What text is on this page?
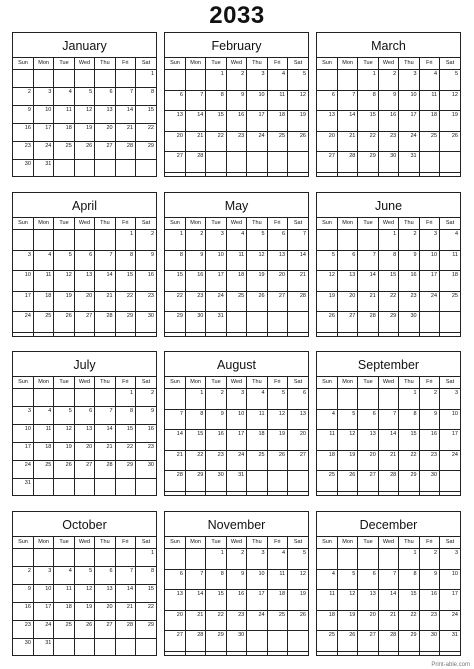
2033
January
Sun	Mon	Tue	Wed	Thu	Fri	Sat
						1
2	3	4	5	6	7	8
9	10	11	12	13	14	15
16	17	18	19	20	21	22
23	24	25	26	27	28	29
30	31					
February
Sun	Mon	Tue	Wed	Thu	Fri	Sat
		1	2	3	4	5
6	7	8	9	10	11	12
13	14	15	16	17	18	19
20	21	22	23	24	25	26
27	28					

March
Sun	Mon	Tue	Wed	Thu	Fri	Sat
		1	2	3	4	5
6	7	8	9	10	11	12
13	14	15	16	17	18	19
20	21	22	23	24	25	26
27	28	29	30	31		

April
Sun	Mon	Tue	Wed	Thu	Fri	Sat
					1	2
3	4	5	6	7	8	9
10	11	12	13	14	15	16
17	18	19	20	21	22	23
24	25	26	27	28	29	30

May
Sun	Mon	Tue	Wed	Thu	Fri	Sat
1	2	3	4	5	6	7
8	9	10	11	12	13	14
15	16	17	18	19	20	21
22	23	24	25	26	27	28
29	30	31				

June
Sun	Mon	Tue	Wed	Thu	Fri	Sat
			1	2	3	4
5	6	7	8	9	10	11
12	13	14	15	16	17	18
19	20	21	22	23	24	25
26	27	28	29	30		

July
Sun	Mon	Tue	Wed	Thu	Fri	Sat
					1	2
3	4	5	6	7	8	9
10	11	12	13	14	15	16
17	18	19	20	21	22	23
24	25	26	27	28	29	30
31						
August
Sun	Mon	Tue	Wed	Thu	Fri	Sat
	1	2	3	4	5	6
7	8	9	10	11	12	13
14	15	16	17	18	19	20
21	22	23	24	25	26	27
28	29	30	31			

September
Sun	Mon	Tue	Wed	Thu	Fri	Sat
				1	2	3
4	5	6	7	8	9	10
11	12	13	14	15	16	17
18	19	20	21	22	23	24
25	26	27	28	29	30	

October
Sun	Mon	Tue	Wed	Thu	Fri	Sat
						1
2	3	4	5	6	7	8
9	10	11	12	13	14	15
16	17	18	19	20	21	22
23	24	25	26	27	28	29
30	31					
November
Sun	Mon	Tue	Wed	Thu	Fri	Sat
		1	2	3	4	5
6	7	8	9	10	11	12
13	14	15	16	17	18	19
20	21	22	23	24	25	26
27	28	29	30			

December
Sun	Mon	Tue	Wed	Thu	Fri	Sat
				1	2	3
4	5	6	7	8	9	10
11	12	13	14	15	16	17
18	19	20	21	22	23	24
25	26	27	28	29	30	31

Print-able.com
